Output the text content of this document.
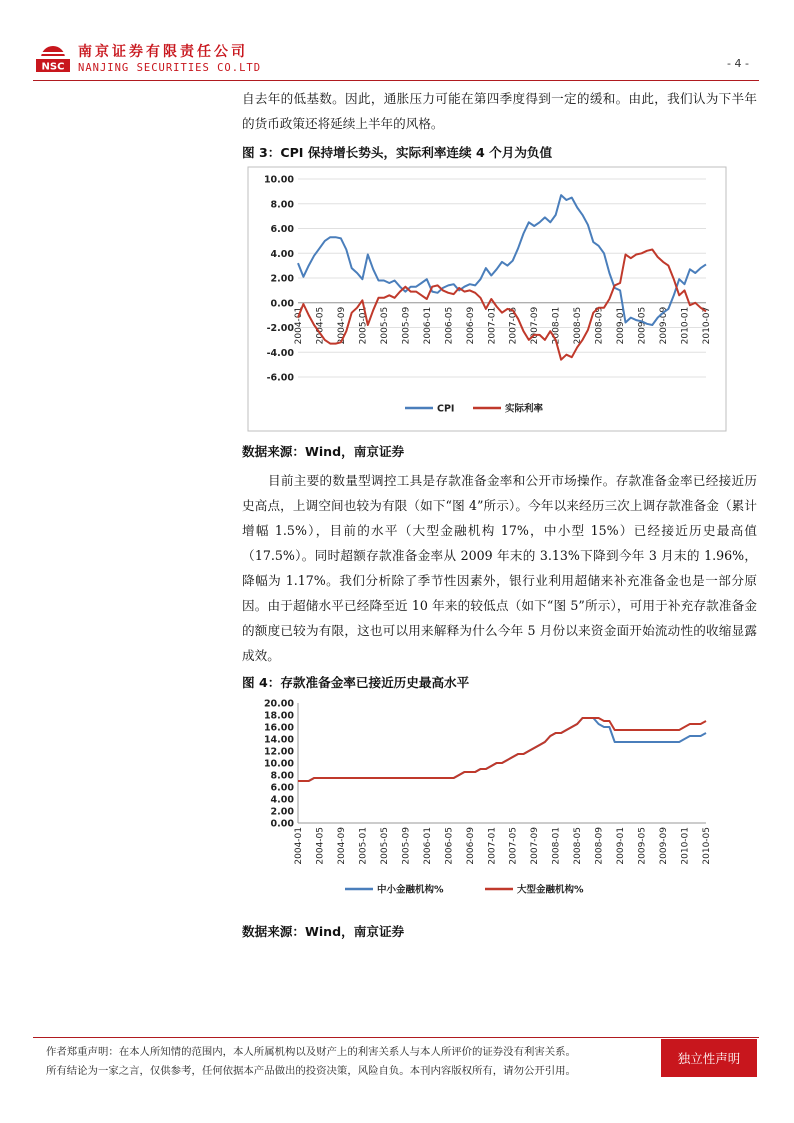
NSC
南京证券有限责任公司
NANJING SECURITIES CO.LTD	- 4 -

自去年的低基数。因此，通胀压力可能在第四季度得到一定的缓和。由此，我们认为下半年的货币政策还将延续上半年的风格。

图 3：CPI 保持增长势头，实际利率连续 4 个月为负值

10.00
8.00
6.00
4.00
2.00
0.00
-2.00
-4.00
-6.00
2004-01 2004-05 2004-09 2005-01 2005-05 2005-09 2006-01 2006-05 2006-09 2007-01 2007-05 2007-09 2008-01 2008-05 2008-09 2009-01 2009-05 2009-09 2010-01 2010-07
CPI	实际利率

数据来源：Wind，南京证券

目前主要的数量型调控工具是存款准备金率和公开市场操作。存款准备金率已经接近历史高点，上调空间也较为有限（如下“图 4”所示）。今年以来经历三次上调存款准备金（累计增幅 1.5%），目前的水平（大型金融机构 17%，中小型 15%）已经接近历史最高值（17.5%）。同时超额存款准备金率从 2009 年末的 3.13%下降到今年 3 月末的 1.96%，降幅为 1.17%。我们分析除了季节性因素外，银行业利用超储来补充准备金也是一部分原因。由于超储水平已经降至近 10 年来的较低点（如下“图 5”所示），可用于补充存款准备金的额度已较为有限，这也可以用来解释为什么今年 5 月份以来资金面开始流动性的收缩显露成效。

图 4：存款准备金率已接近历史最高水平

20.00
18.00
16.00
14.00
12.00
10.00
8.00
6.00
4.00
2.00
0.00
2004-01 2004-05 2004-09 2005-01 2005-05 2005-09 2006-01 2006-05 2006-09 2007-01 2007-05 2007-09 2008-01 2008-05 2008-09 2009-01 2009-05 2009-09 2010-01 2010-05
中小金融机构%	大型金融机构%

数据来源：Wind，南京证券

作者郑重声明：在本人所知情的范围内，本人所属机构以及财产上的利害关系人与本人所评价的证券没有利害关系。
所有结论为一家之言，仅供参考，任何依据本产品做出的投资决策，风险自负。本刊内容版权所有，请勿公开引用。
独立性声明
